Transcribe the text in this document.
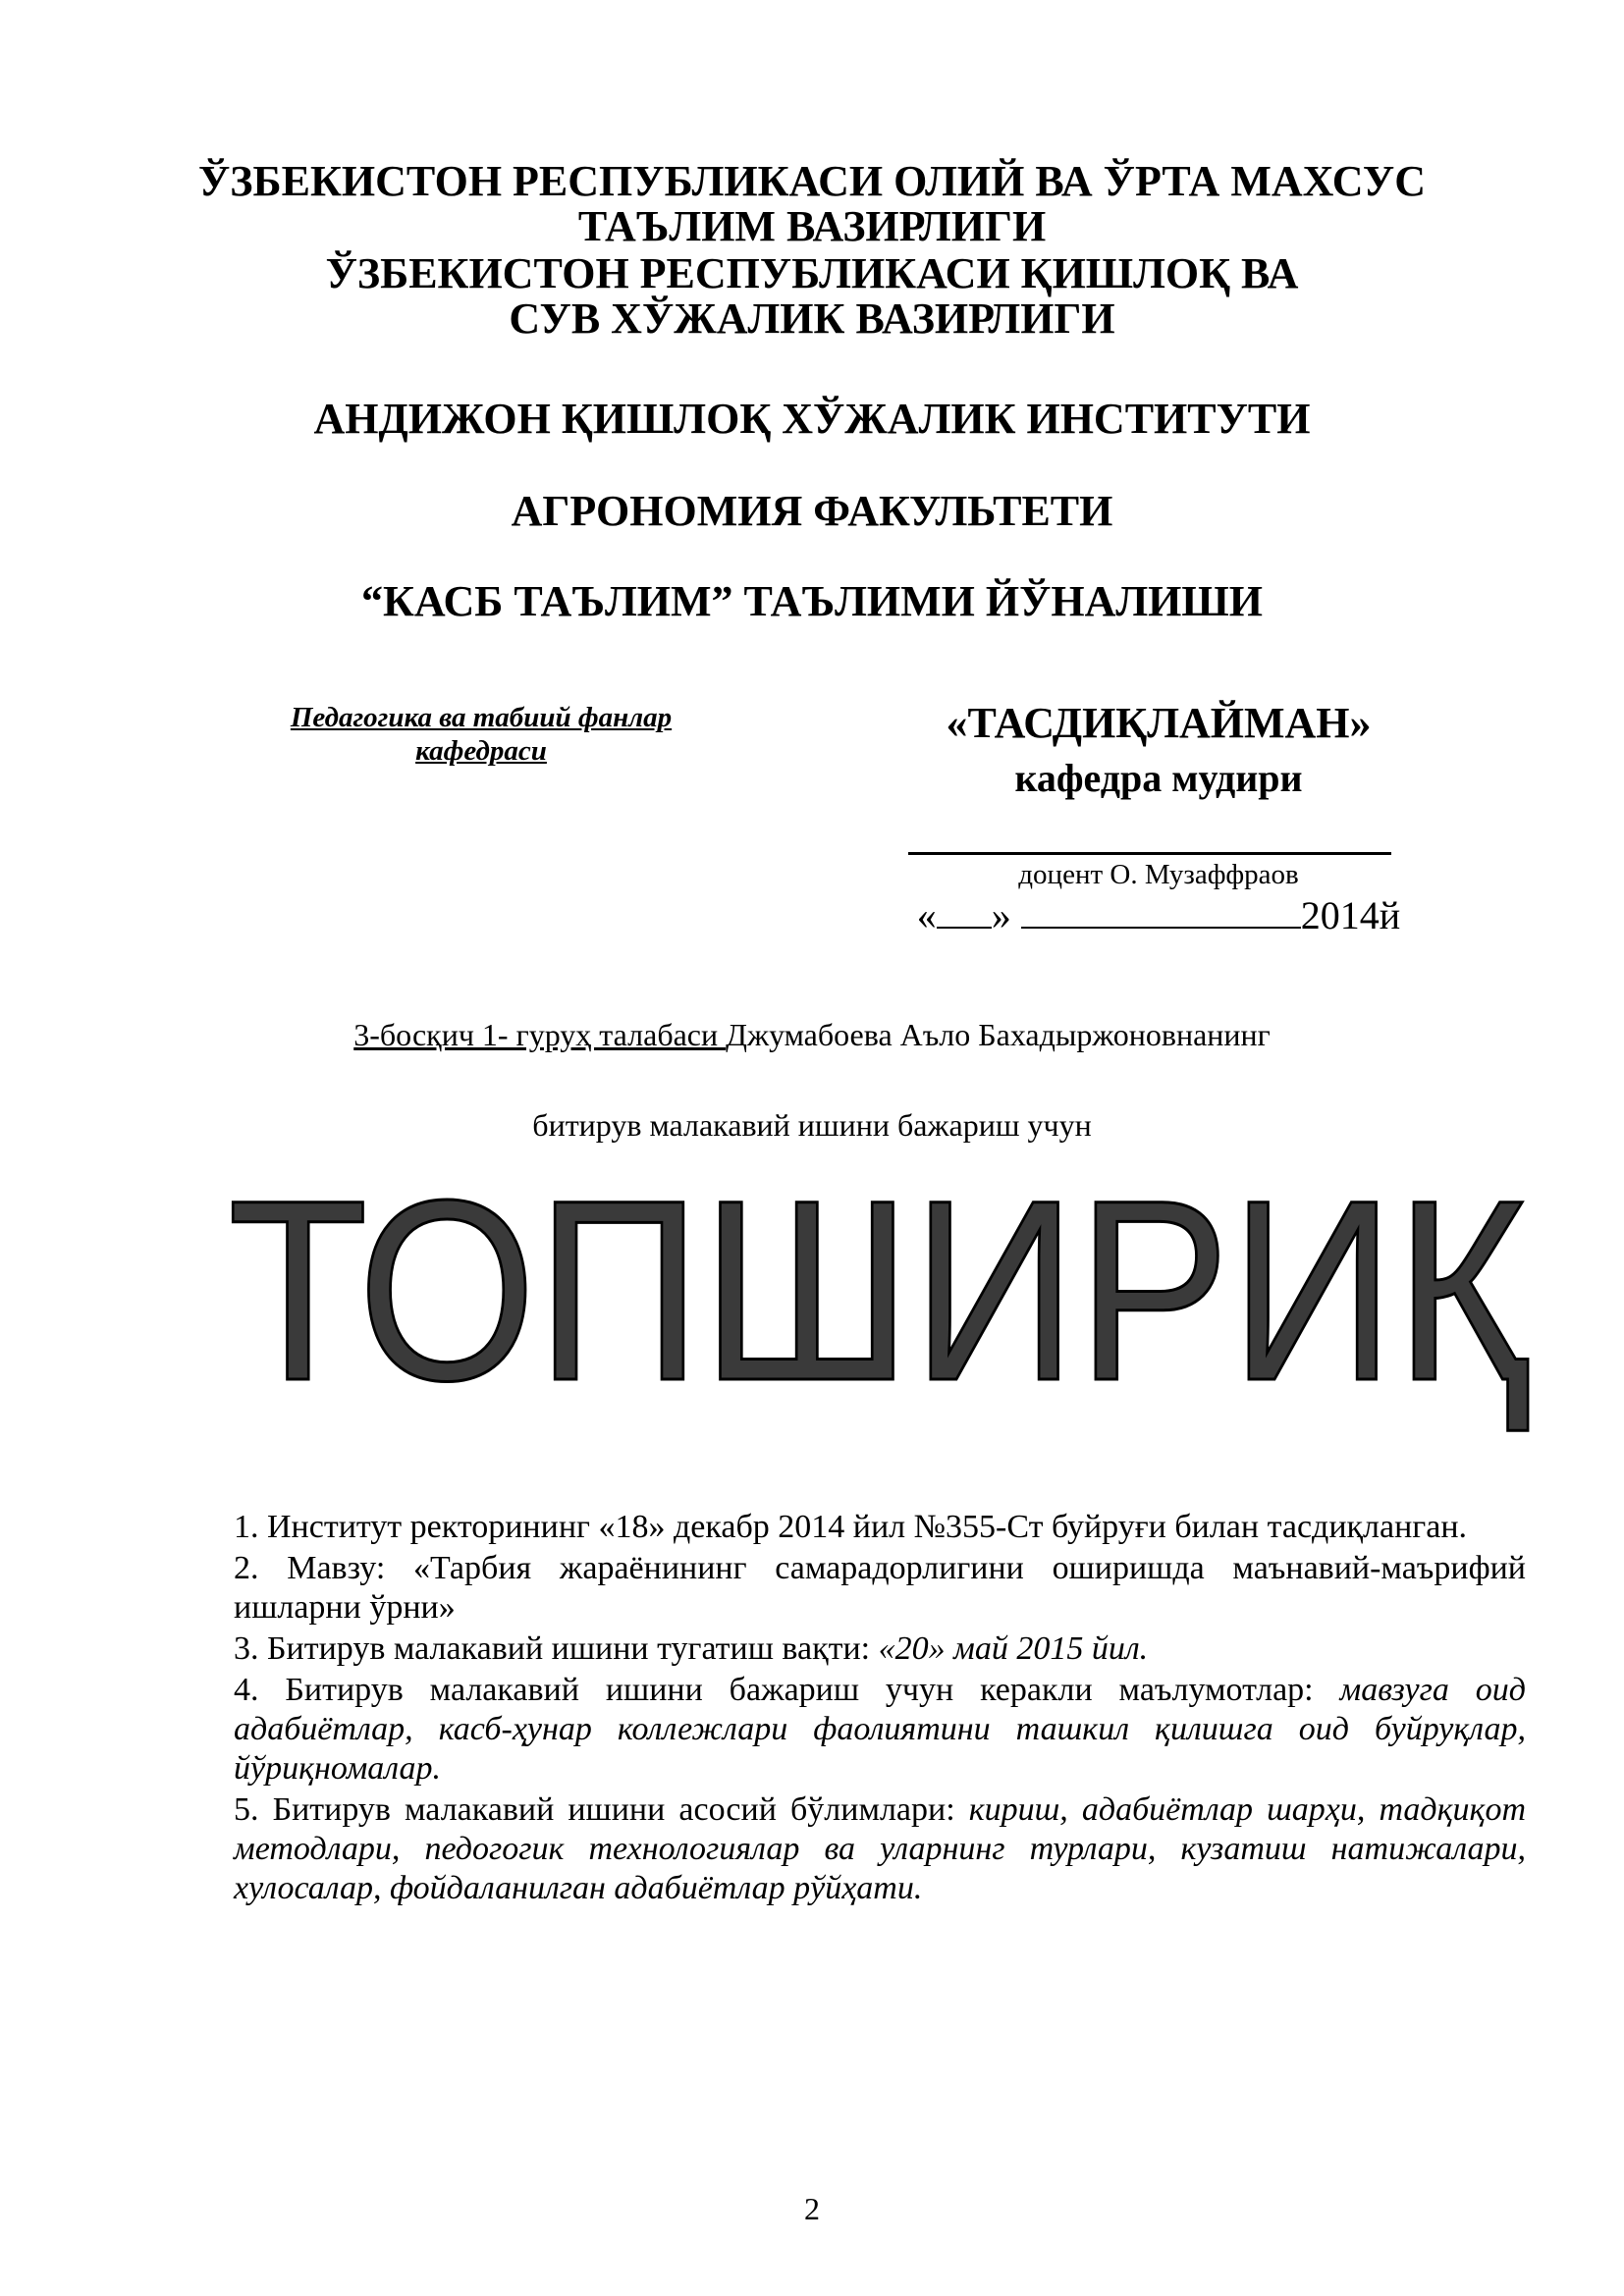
ЎЗБЕКИСТОН РЕСПУБЛИКАСИ ОЛИЙ ВА ЎРТА МАХСУС
ТАЪЛИМ ВАЗИРЛИГИ
ЎЗБЕКИСТОН РЕСПУБЛИКАСИ ҚИШЛОҚ ВА
СУВ ХЎЖАЛИК ВАЗИРЛИГИ
АНДИЖОН ҚИШЛОҚ ХЎЖАЛИК ИНСТИТУТИ
АГРОНОМИЯ ФАКУЛЬТЕТИ
“КАСБ ТАЪЛИМ” ТАЪЛИМИ ЙЎНАЛИШИ
Педагогика ва табиий фанлар
кафедраси
«ТАСДИҚЛАЙМАН»
кафедра мудири
доцент О. Музаффраов
« »	2014й
3-босқич 1- гуруҳ талабаси Джумабоева Аъло Бахадыржоновнанинг
битирув малакавий ишини бажариш учун
ТОПШИРИҚ

1. Институт ректорининг «18» декабр 2014 йил №355-Ст буйруғи билан тасдиқланган.

2. Мавзу: «Тарбия жараёнининг самарадорлигини оширишда маънавий-маърифий ишларни ўрни»

3. Битирув малакавий ишини тугатиш вақти: «20» май 2015 йил.

4. Битирув малакавий ишини бажариш учун керакли маълумотлар: мавзуга оид адабиётлар, касб-ҳунар коллежлари фаолиятини ташкил қилишга оид буйруқлар, йўриқномалар.

5. Битирув малакавий ишини асосий бўлимлари: кириш, адабиётлар шарҳи, тадқиқот методлари, педогогик технологиялар ва уларнинг турлари, кузатиш натижалари, хулосалар, фойдаланилган адабиётлар рўйҳати.

2
